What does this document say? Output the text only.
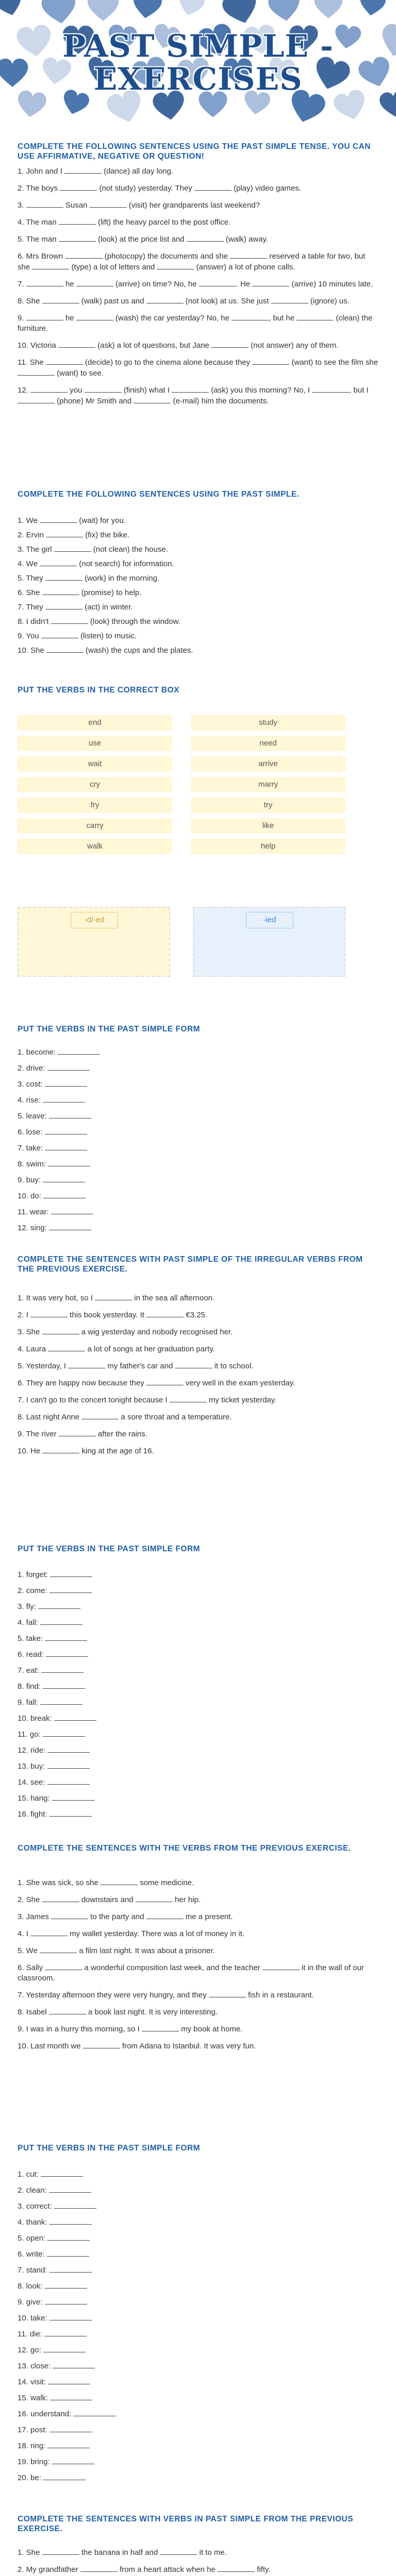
PAST SIMPLE -
EXERCISES
COMPLETE THE FOLLOWING SENTENCES USING THE PAST SIMPLE TENSE. YOU CAN USE AFFIRMATIVE, NEGATIVE OR QUESTION!

1. John and I	(dance) all day long.

2. The boys	(not study) yesterday. They	(play) video games.

3.	Susan	(visit) her grandparents last weekend?

4. The man	(lift) the heavy parcel to the post office.

5. The man	(look) at the price list and	(walk) away.

6. Mrs Brown	(photocopy) the documents and she	reserved a table for two, but she	(type) a lot of letters and	(answer) a lot of phone calls.

7.	he	(arrive) on time? No, he	. He	(arrive) 10 minutes late.

8. She	(walk) past us and	(not look) at us. She just	(ignore) us.

9.	he	(wash) the car yesterday? No, he	, but he	(clean) the furniture.

10. Victoria	(ask) a lot of questions, but Jane	(not answer) any of them.

11. She	(decide) to go to the cinema alone because they	(want) to see the film she  (want) to see.

12.	you	(finish) what I	(ask) you this morning? No, I	, but I  (phone) Mr Smith and	(e-mail) him the documents.

COMPLETE THE FOLLOWING SENTENCES USING THE PAST SIMPLE.

1. We	(wait) for you.

2. Ervin	(fix) the bike.

3. The girl	(not clean) the house.

4. We	(not search) for information.

5. They	(work) in the morning.

6. She	(promise) to help.

7. They	(act) in winter.

8. I didn't	(look) through the window.

9. You	(listen) to music.

10. She	(wash) the cups and the plates.

PUT THE VERBS IN THE CORRECT BOX
end
use
wait
cry
fry
carry
walk
study
need
arrive
marry
try
like
help
-d/-ed	-ied
PUT THE VERBS IN THE PAST SIMPLE FORM
1. become:
2. drive:
3. cost:
4. rise:
5. leave:
6. lose:
7. take:
8. swim:
9. buy:
10. do:
11. wear:
12. sing:
COMPLETE THE SENTENCES WITH PAST SIMPLE OF THE IRREGULAR VERBS FROM THE PREVIOUS EXERCISE.

1. It was very hot, so I	in the sea all afternoon.

2. I	this book yesterday. It	€3.25.

3. She	a wig yesterday and nobody recognised her.

4. Laura	a lot of songs at her graduation party.

5. Yesterday, I	my father's car and	it to school.

6. They are happy now because they	very well in the exam yesterday.

7. I can't go to the concert tonight because I	my ticket yesterday.

8. Last night Anne	a sore throat and a temperature.

9. The river	after the rains.

10. He	king at the age of 16.

PUT THE VERBS IN THE PAST SIMPLE FORM
1. forget:
2. come:
3. fly:
4. fall:
5. take:
6. read:
7. eat:
8. find:
9. fall:
10. break:
11. go:
12. ride:
13. buy:
14. see:
15. hang:
16. fight:
COMPLETE THE SENTENCES WITH THE VERBS FROM THE PREVIOUS EXERCISE.

1. She was sick, so she	some medicine.

2. She	downstairs and	her hip.

3. James	to the party and	me a present.

4. I	my wallet yesterday. There was a lot of money in it.

5. We	a film last night. It was about a prisoner.

6. Sally	a wonderful composition last week, and the teacher	it in the wall of our classroom.

7. Yesterday afternoon they were very hungry, and they	fish in a restaurant.

8. Isabel	a book last night. It is very interesting.

9. I was in a hurry this morning, so I	my book at home.

10. Last month we	from Adana to Istanbul. It was very fun.

PUT THE VERBS IN THE PAST SIMPLE FORM
1. cut:
2. clean:
3. correct:
4. thank:
5. open:
6. write:
7. stand:
8. look:
9. give:
10. take:
11. die:
12. go:
13. close:
14. visit:
15. walk:
16. understand:
17. post:
18. ring:
19. bring:
20. be:
COMPLETE THE SENTENCES WITH VERBS IN PAST SIMPLE FROM THE PREVIOUS EXERCISE.

1. She	the banana in half and	it to me.

2. My grandfather	from a heart attack when he	fifty.
